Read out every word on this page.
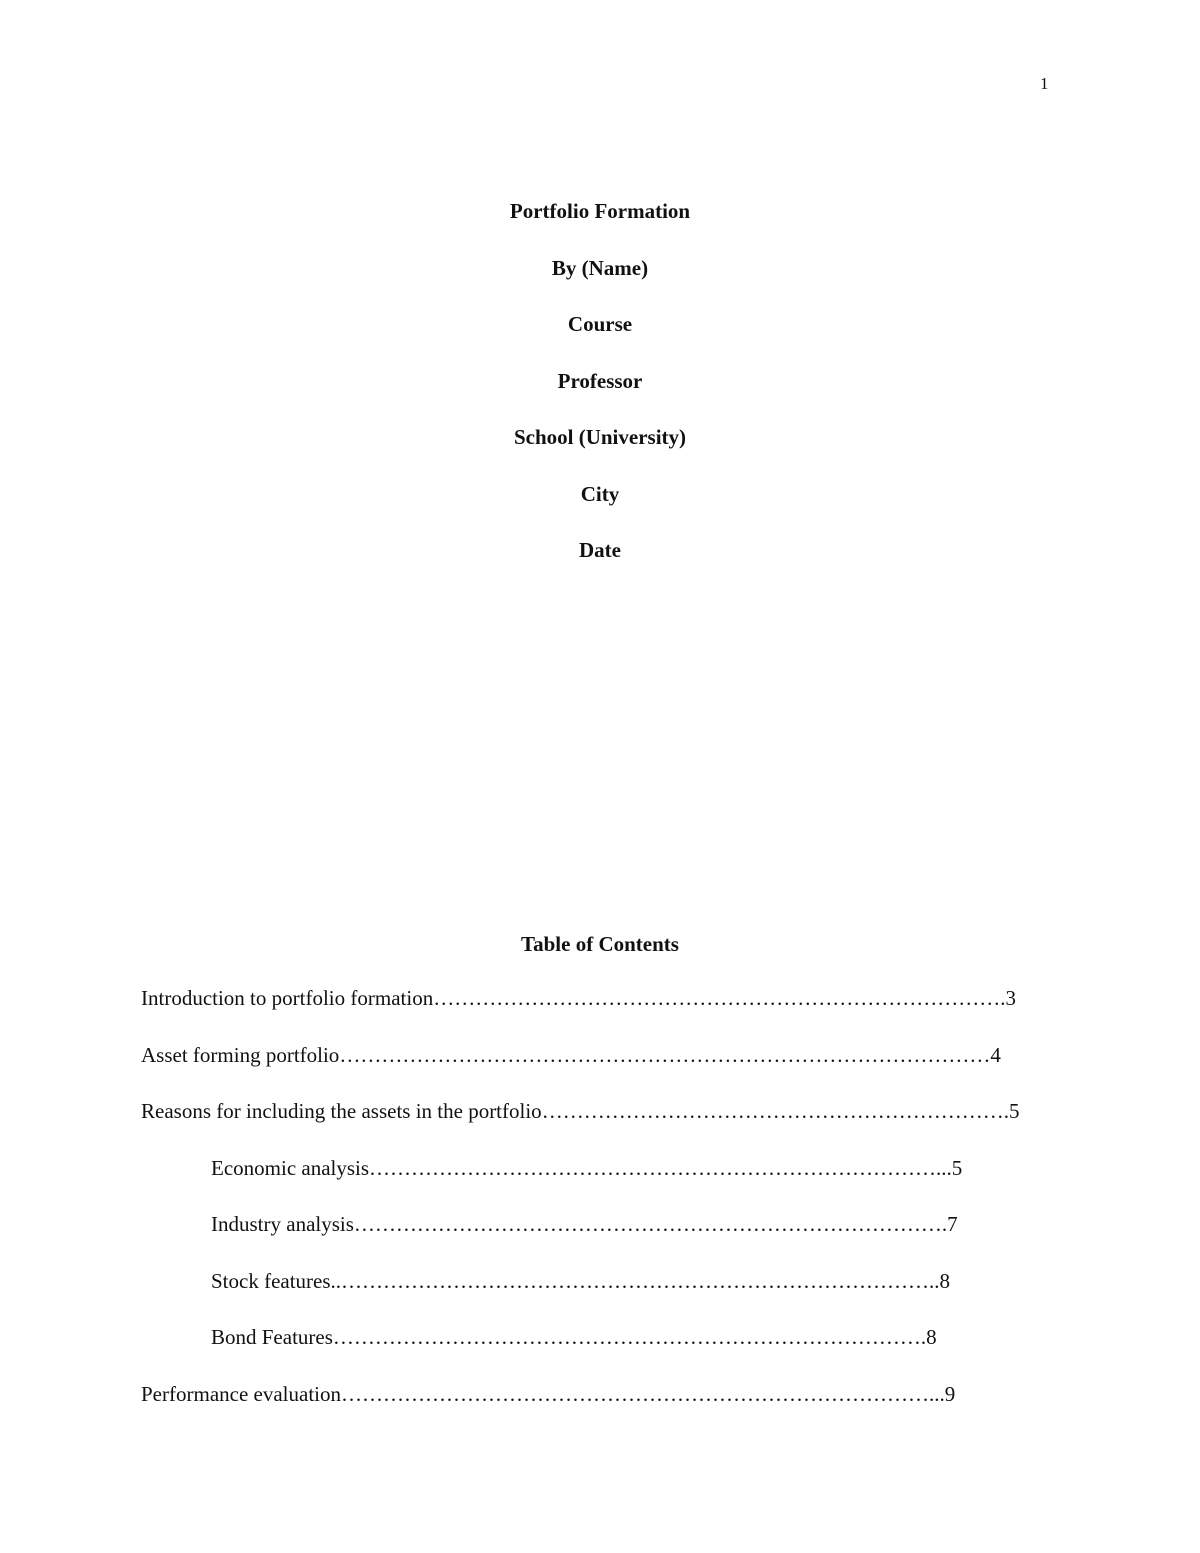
1
Portfolio Formation
By (Name)
Course
Professor
School (University)
City
Date
Table of Contents
Introduction to portfolio formation……………………………………………………………………….3
Asset forming portfolio…………………………………………………………………………………4
Reasons for including the assets in the portfolio………………………………………………………….5
Economic analysis………………………………………………………………………...5
Industry analysis………………………………………………………………………….7
Stock features..…………………………………………………………………………..8
Bond Features………………………………………………………………………….8
Performance evaluation…………………………………………………………………………...9
